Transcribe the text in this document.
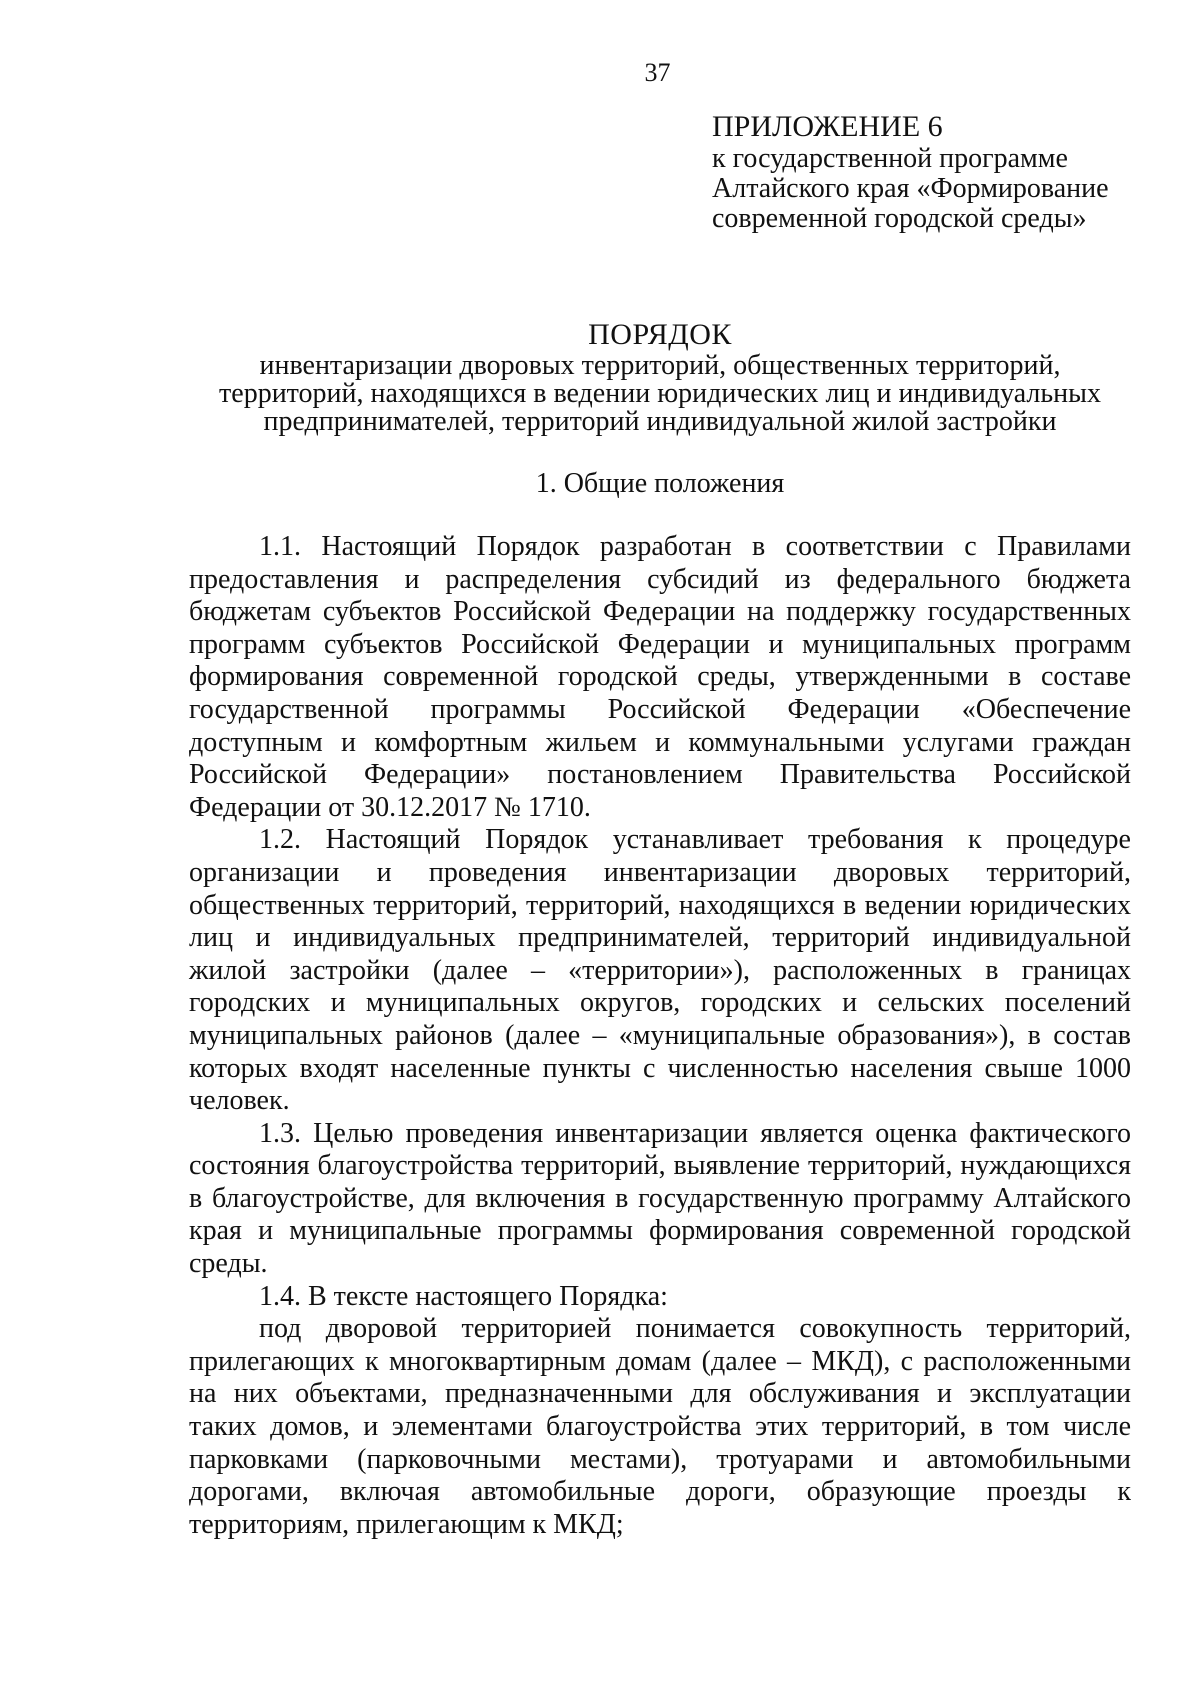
37
ПРИЛОЖЕНИЕ 6
к государственной программе
Алтайского края «Формирование
современной городской среды»
ПОРЯДОК
инвентаризации дворовых территорий, общественных территорий,
территорий, находящихся в ведении юридических лиц и индивидуальных
предпринимателей, территорий индивидуальной жилой застройки
1. Общие положения

1.1. Настоящий Порядок разработан в соответствии с Правилами предоставления и распределения субсидий из федерального бюджета бюджетам субъектов Российской Федерации на поддержку государственных программ субъектов Российской Федерации и муниципальных программ формирования современной городской среды, утвержденными в составе государственной программы Российской Федерации «Обеспечение доступным и комфортным жильем и коммунальными услугами граждан Российской Федерации» постановлением Правительства Российской Федерации от 30.12.2017 № 1710.

1.2. Настоящий Порядок устанавливает требования к процедуре организации и проведения инвентаризации дворовых территорий, общественных территорий, территорий, находящихся в ведении юридических лиц и индивидуальных предпринимателей, территорий индивидуальной жилой застройки (далее – «территории»), расположенных в границах городских и муниципальных округов, городских и сельских поселений муниципальных районов (далее – «муниципальные образования»), в состав которых входят населенные пункты с численностью населения свыше 1000 человек.

1.3. Целью проведения инвентаризации является оценка фактического состояния благоустройства территорий, выявление территорий, нуждающихся в благоустройстве, для включения в государственную программу Алтайского края и муниципальные программы формирования современной городской среды.

1.4. В тексте настоящего Порядка:

под дворовой территорией понимается совокупность территорий, прилегающих к многоквартирным домам (далее – МКД), с расположенными на них объектами, предназначенными для обслуживания и эксплуатации таких домов, и элементами благоустройства этих территорий, в том числе парковками (парковочными местами), тротуарами и автомобильными дорогами, включая автомобильные дороги, образующие проезды к территориям, прилегающим к МКД;
